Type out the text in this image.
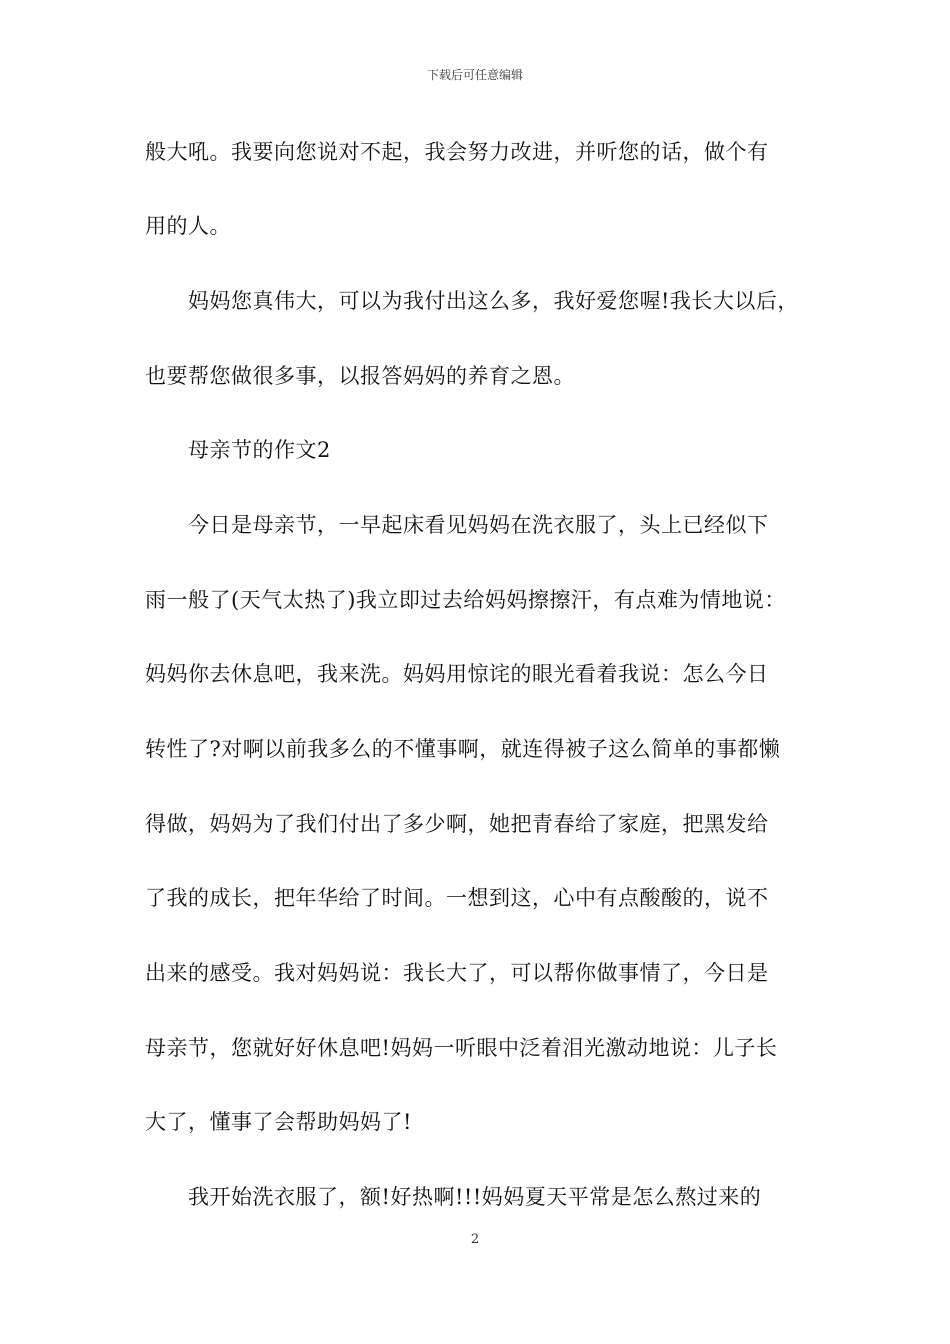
下载后可任意编辑
般大吼。我要向您说对不起，我会努力改进，并听您的话，做个有
用的人。
　　妈妈您真伟大，可以为我付出这么多，我好爱您喔!我长大以后，
也要帮您做很多事，以报答妈妈的养育之恩。
　　母亲节的作文2
　　今日是母亲节，一早起床看见妈妈在洗衣服了，头上已经似下
雨一般了(天气太热了)我立即过去给妈妈擦擦汗，有点难为情地说：
妈妈你去休息吧，我来洗。妈妈用惊诧的眼光看着我说：怎么今日
转性了?对啊以前我多么的不懂事啊，就连得被子这么简单的事都懒
得做，妈妈为了我们付出了多少啊，她把青春给了家庭，把黑发给
了我的成长，把年华给了时间。一想到这，心中有点酸酸的，说不
出来的感受。我对妈妈说：我长大了，可以帮你做事情了，今日是
母亲节，您就好好休息吧!妈妈一听眼中泛着泪光激动地说：儿子长
大了，懂事了会帮助妈妈了!
　　我开始洗衣服了，额!好热啊!!!妈妈夏天平常是怎么熬过来的
2
